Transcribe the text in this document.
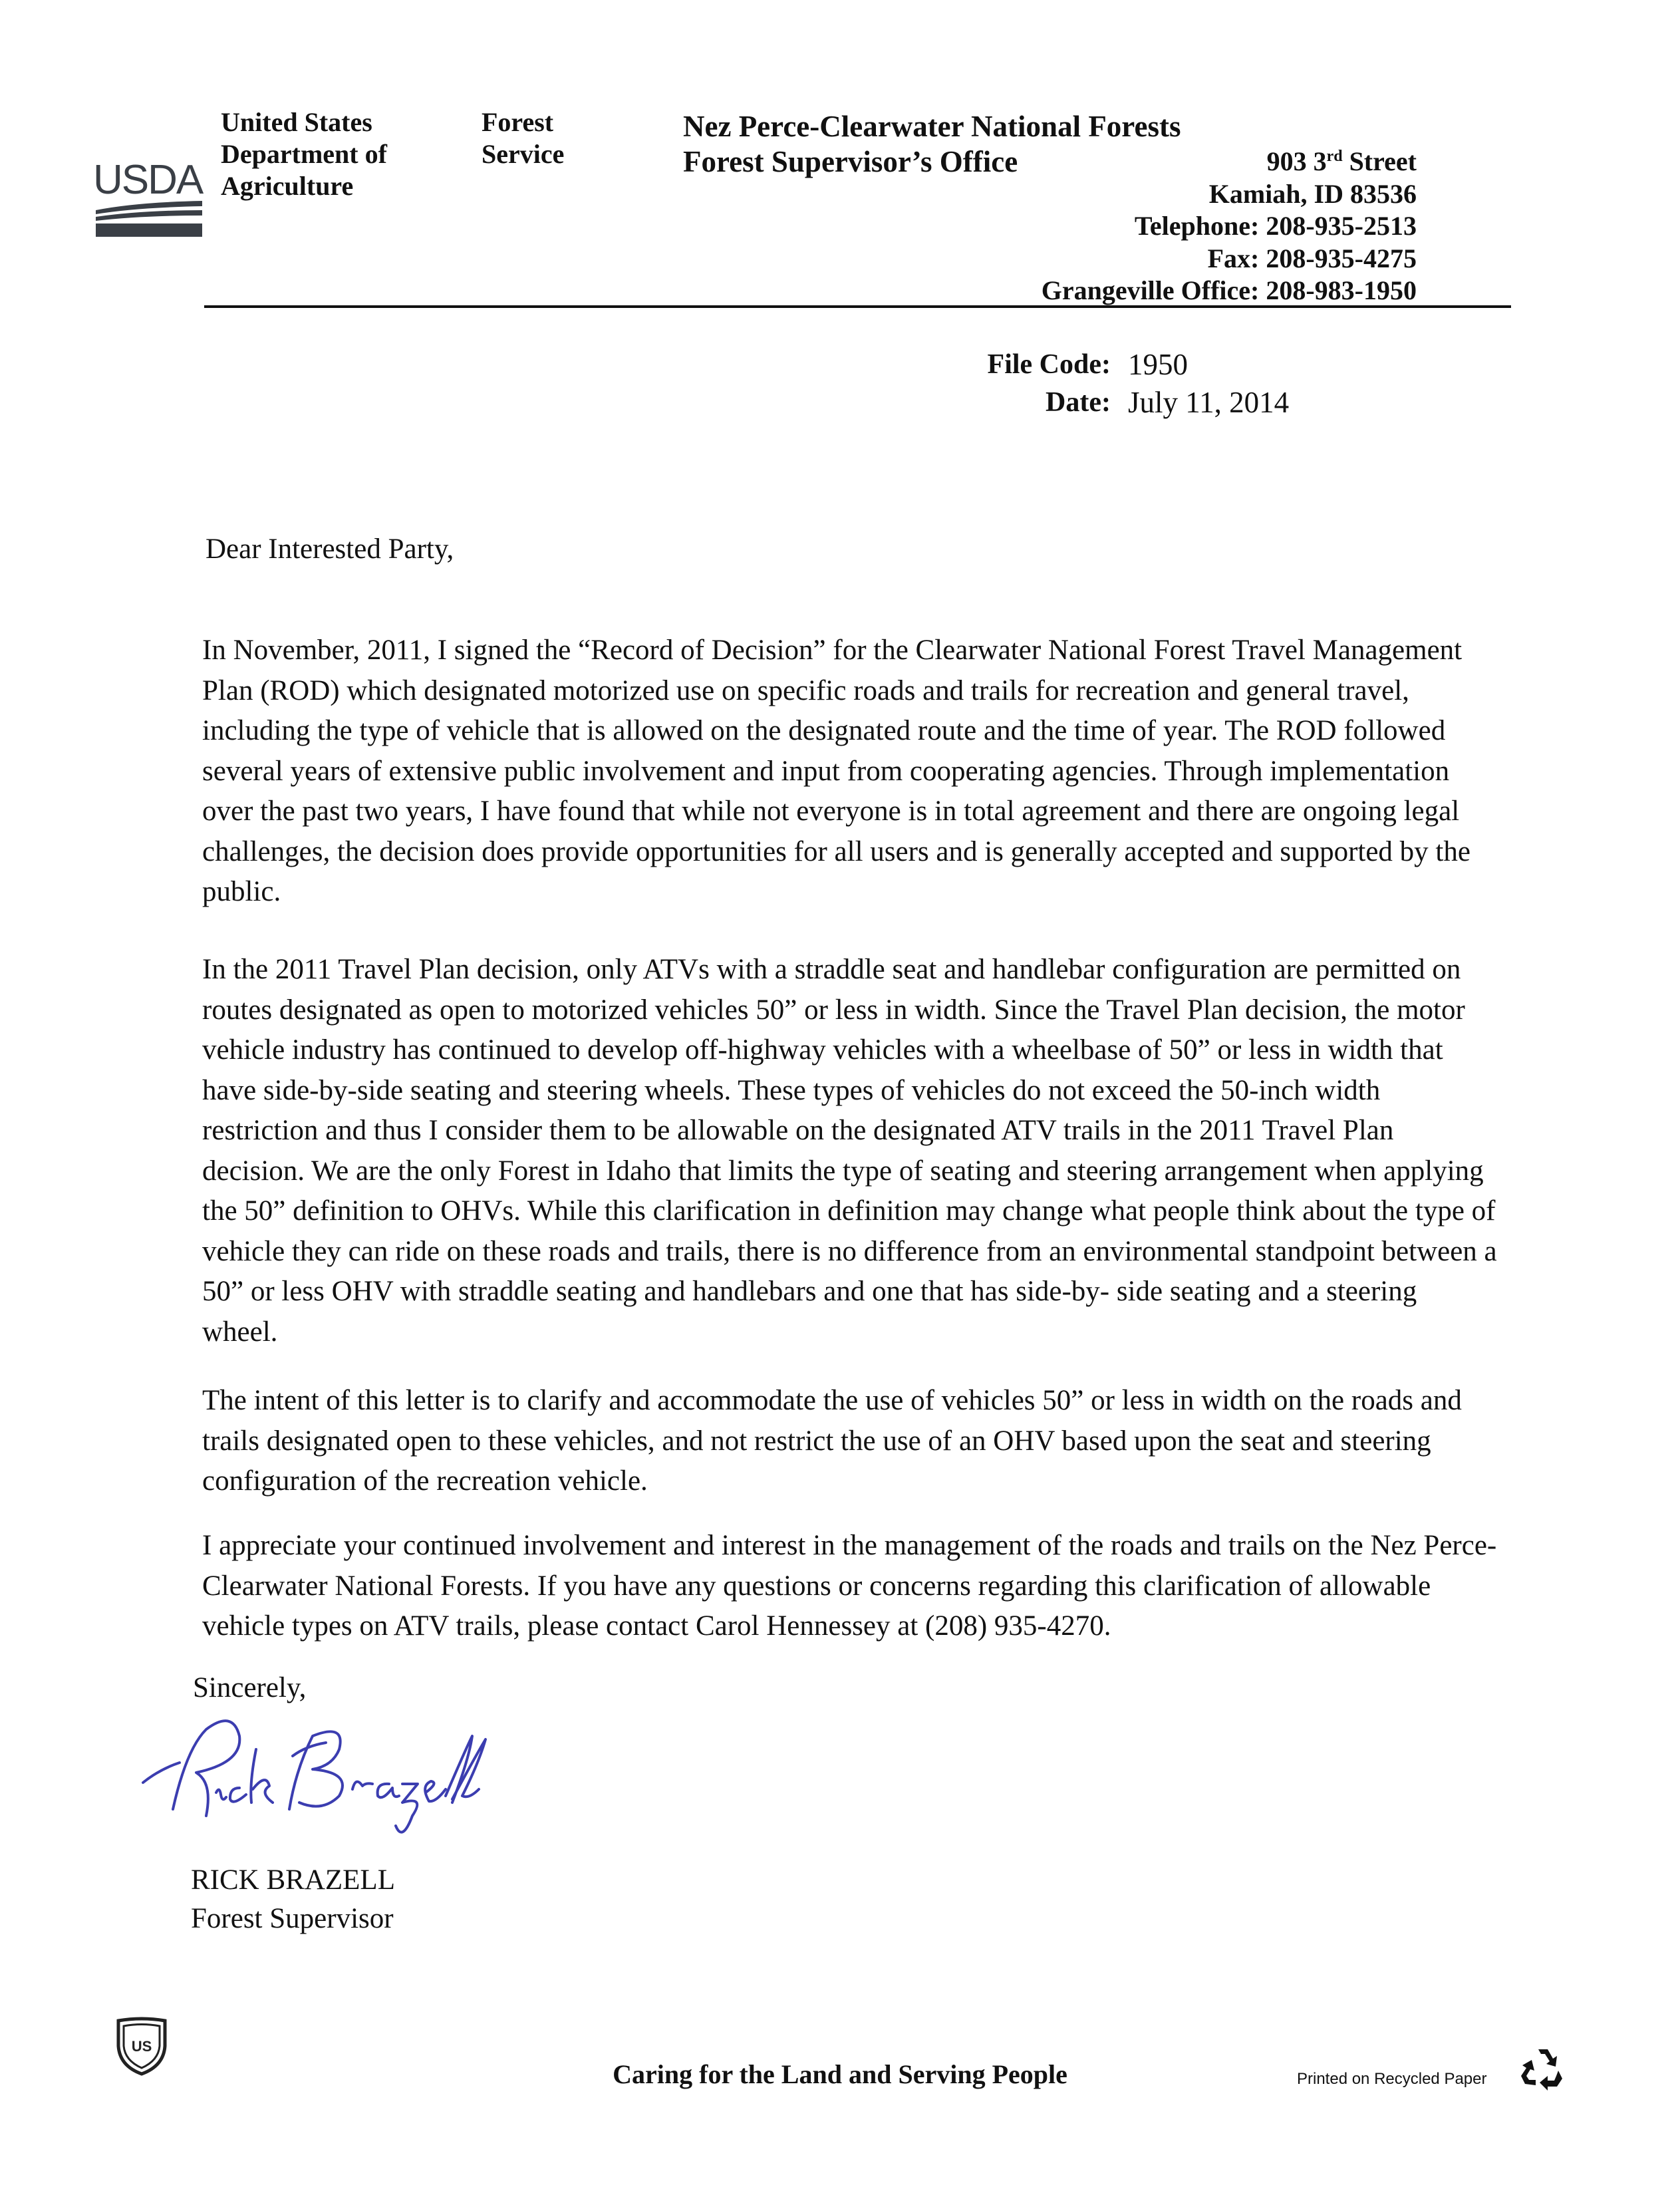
USDA
United States
Department of
Agriculture
Forest
Service
Nez Perce-Clearwater National Forests
Forest Supervisor’s Office	903 3rd Street
Kamiah, ID 83536
Telephone: 208-935-2513
Fax: 208-935-4275
Grangeville Office: 208-983-1950
File Code:
Date:
1950
July 11, 2014
Dear Interested Party,

In November, 2011, I signed the “Record of Decision” for the Clearwater National Forest Travel Management Plan (ROD) which designated motorized use on specific roads and trails for recreation and general travel, including the type of vehicle that is allowed on the designated route and the time of year. The ROD followed several years of extensive public involvement and input from cooperating agencies. Through implementation over the past two years, I have found that while not everyone is in total agreement and there are ongoing legal challenges, the decision does provide opportunities for all users and is generally accepted and supported by the public.

In the 2011 Travel Plan decision, only ATVs with a straddle seat and handlebar configuration are permitted on routes designated as open to motorized vehicles 50” or less in width. Since the Travel Plan decision, the motor vehicle industry has continued to develop off-highway vehicles with a wheelbase of 50” or less in width that have side-by-side seating and steering wheels. These types of vehicles do not exceed the 50-inch width restriction and thus I consider them to be allowable on the designated ATV trails in the 2011 Travel Plan decision. We are the only Forest in Idaho that limits the type of seating and steering arrangement when applying the 50” definition to OHVs. While this clarification in definition may change what people think about the type of vehicle they can ride on these roads and trails, there is no difference from an environmental standpoint between a 50” or less OHV with straddle seating and handlebars and one that has side-by- side seating and a steering wheel.

The intent of this letter is to clarify and accommodate the use of vehicles 50” or less in width on the roads and trails designated open to these vehicles, and not restrict the use of an OHV based upon the seat and steering configuration of the recreation vehicle.

I appreciate your continued involvement and interest in the management of the roads and trails on the Nez Perce-Clearwater National Forests. If you have any questions or concerns regarding this clarification of allowable vehicle types on ATV trails, please contact Carol Hennessey at (208) 935-4270.

Sincerely,
RICK BRAZELL
Forest Supervisor
US
Caring for the Land and Serving People	Printed on Recycled Paper
